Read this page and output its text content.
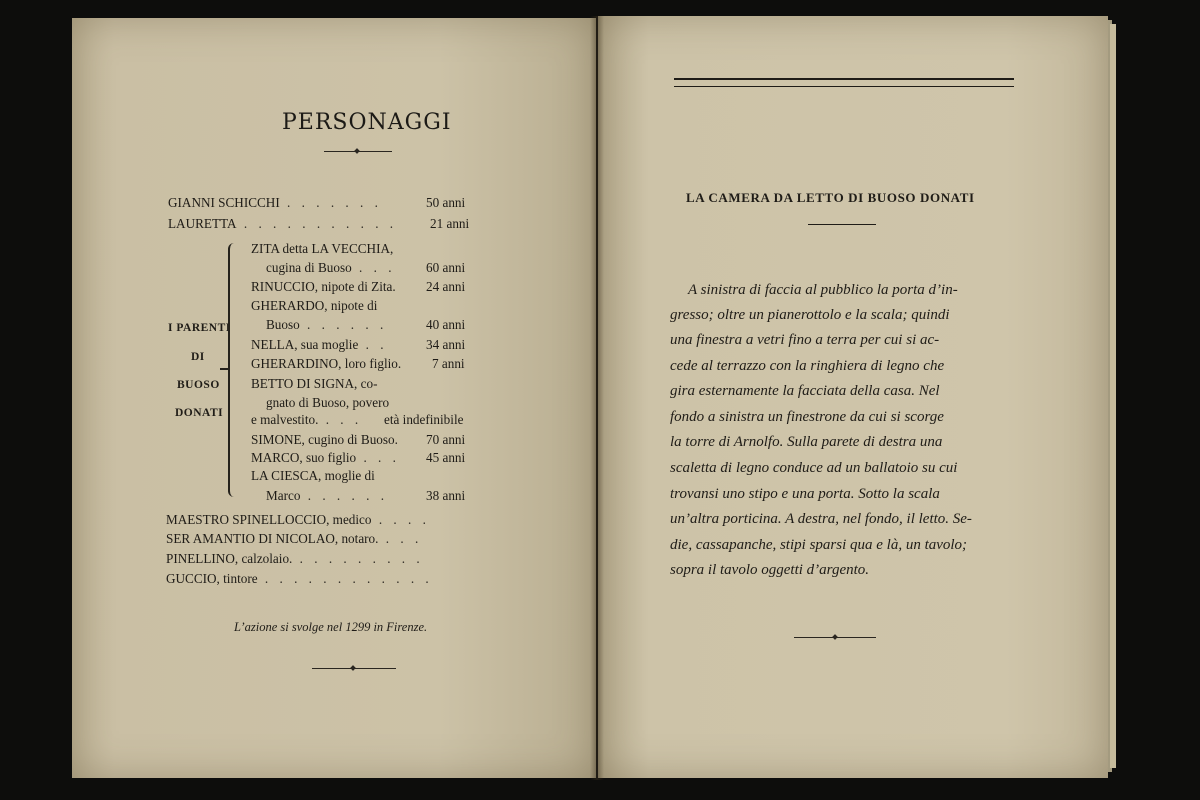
PERSONAGGI
GIANNI SCHICCHI . . . . . . .	50 anni
LAURETTA . . . . . . . . . . . 21 anni
I PARENTI
DI
BUOSO
DONATI
ZITA detta LA VECCHIA,
cugina di Buoso . . . 60 anni
RINUCCIO, nipote di Zita. 24 anni
GHERARDO, nipote di
Buoso . . . . . .	40 anni
NELLA, sua moglie . .	34 anni
GHERARDINO, loro figlio. 7 anni
BETTO DI SIGNA, co-
gnato di Buoso, povero
e malvestito. . . . età indefinibile
SIMONE, cugino di Buoso. 70 anni
MARCO, suo figlio . . . 45 anni
LA CIESCA, moglie di
Marco . . . . . .	38 anni
MAESTRO SPINELLOCCIO, medico . . . .
SER AMANTIO DI NICOLAO, notaro. . . .
PINELLINO, calzolaio. . . . . . . . . .
GUCCIO, tintore . . . . . . . . . . . .
L’azione si svolge nel 1299 in Firenze.
LA CAMERA DA LETTO DI BUOSO DONATI
A sinistra di faccia al pubblico la porta d’in-
gresso; oltre un pianerottolo e la scala; quindi
una finestra a vetri fino a terra per cui si ac-
cede al terrazzo con la ringhiera di legno che
gira esternamente la facciata della casa. Nel
fondo a sinistra un finestrone da cui si scorge
la torre di Arnolfo. Sulla parete di destra una
scaletta di legno conduce ad un ballatoio su cui
trovansi uno stipo e una porta. Sotto la scala
un’altra porticina. A destra, nel fondo, il letto. Se-
die, cassapanche, stipi sparsi qua e là, un tavolo;
sopra il tavolo oggetti d’argento.
